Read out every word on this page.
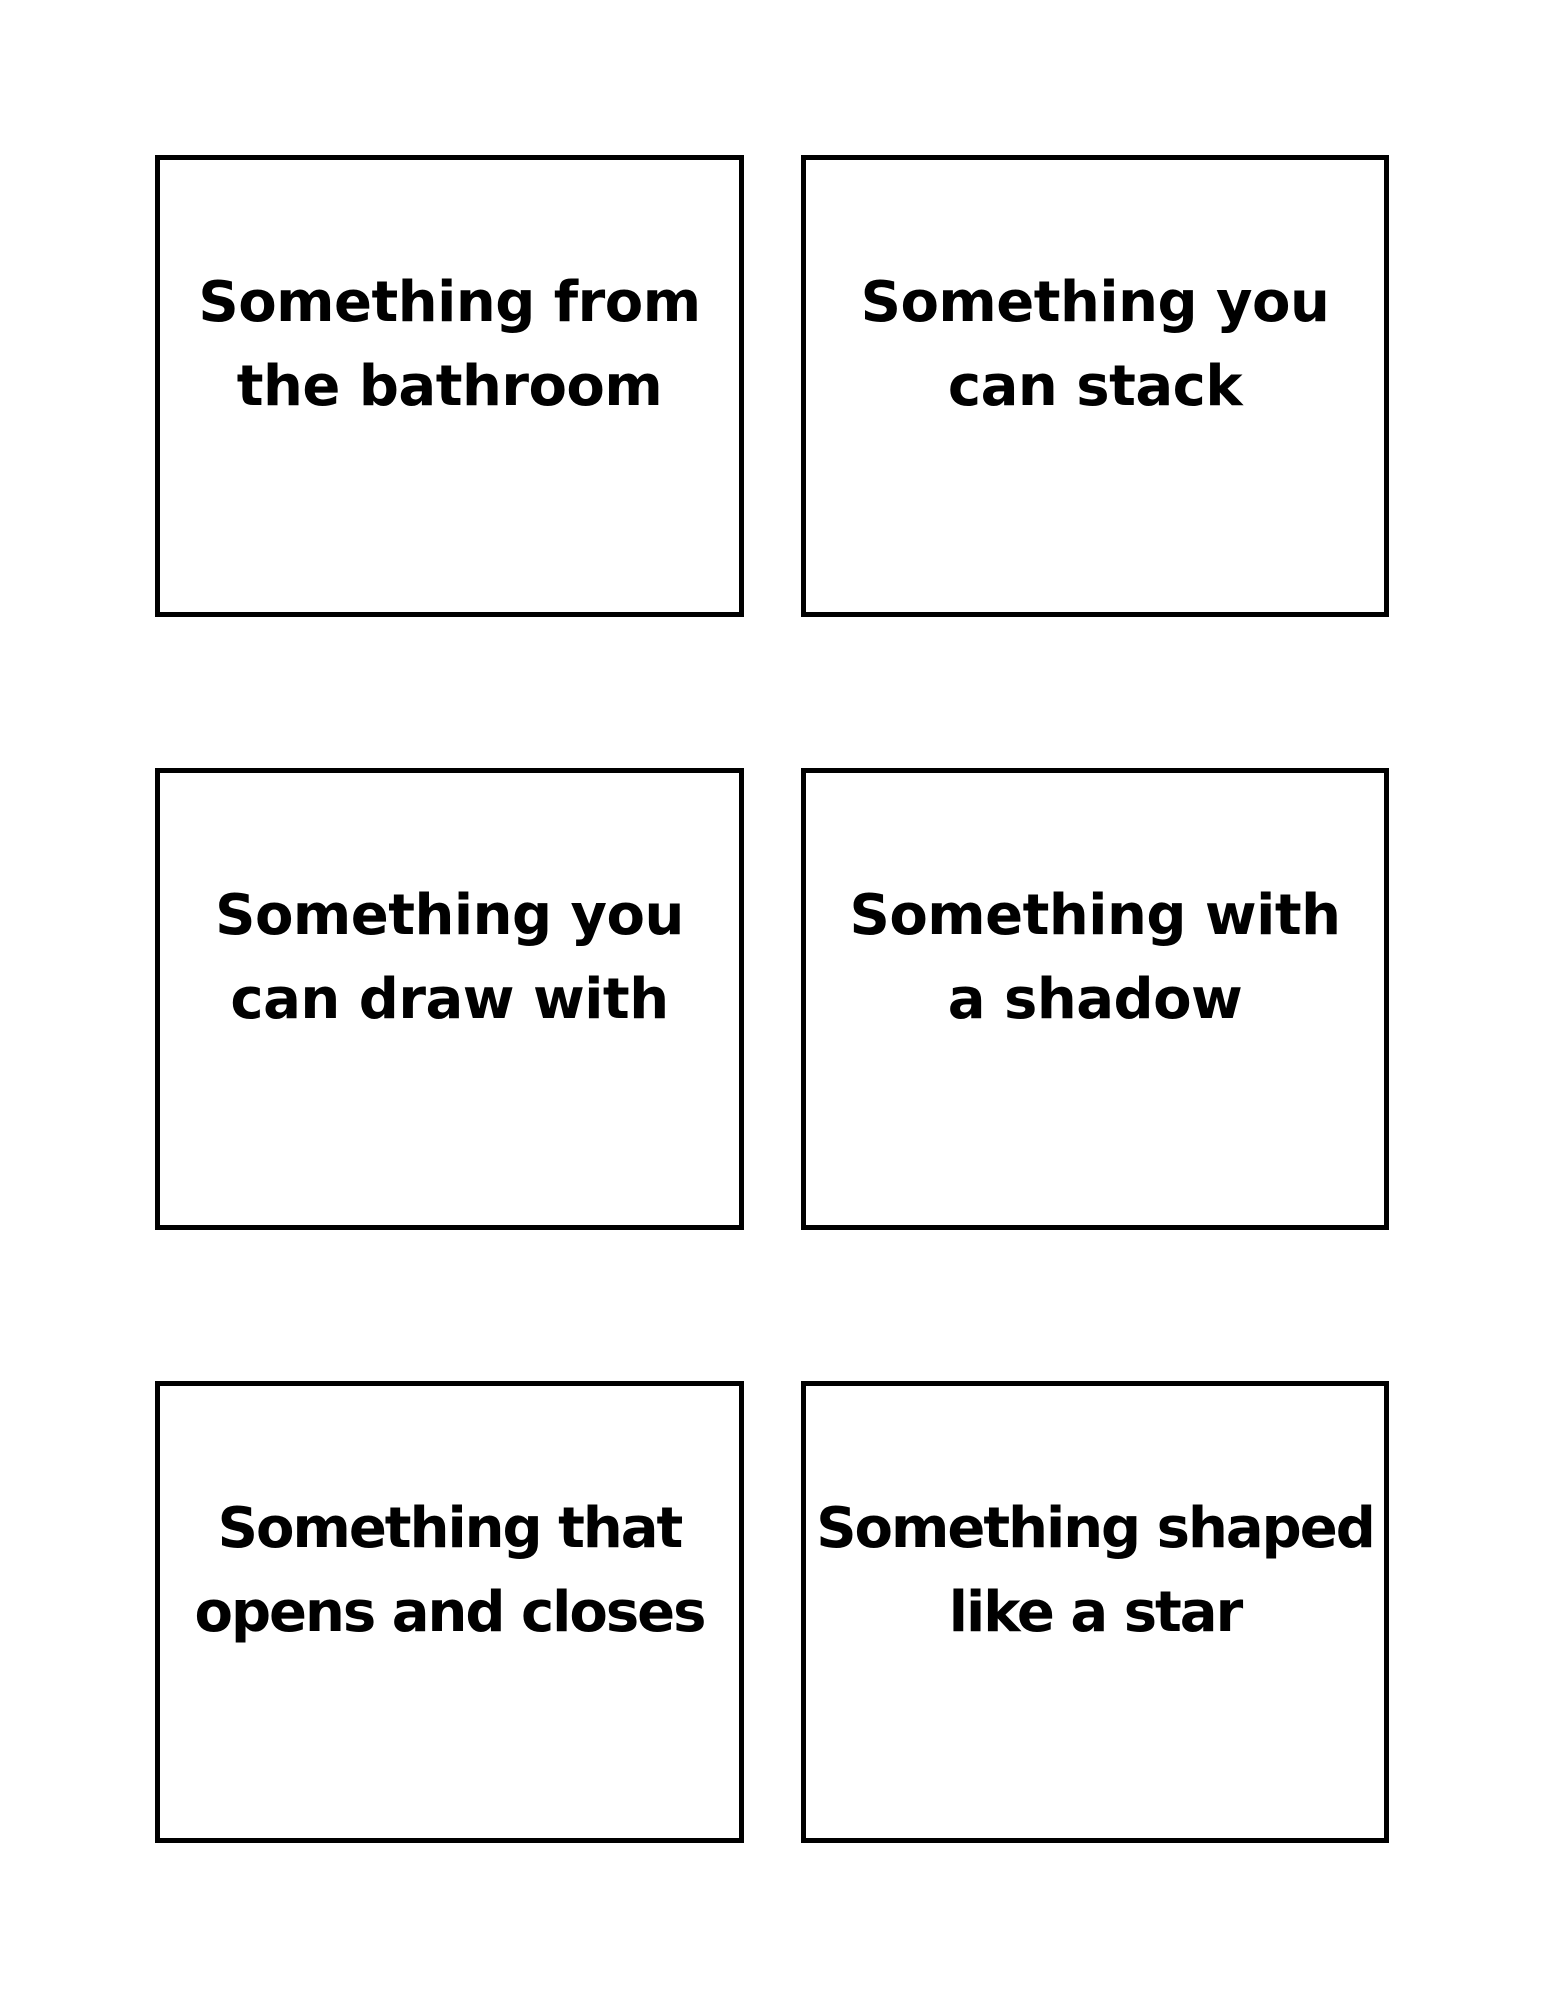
Something from
the bathroom
Something you
can stack
Something you
can draw with
Something with
a shadow
Something that
opens and closes
Something shaped
like a star
